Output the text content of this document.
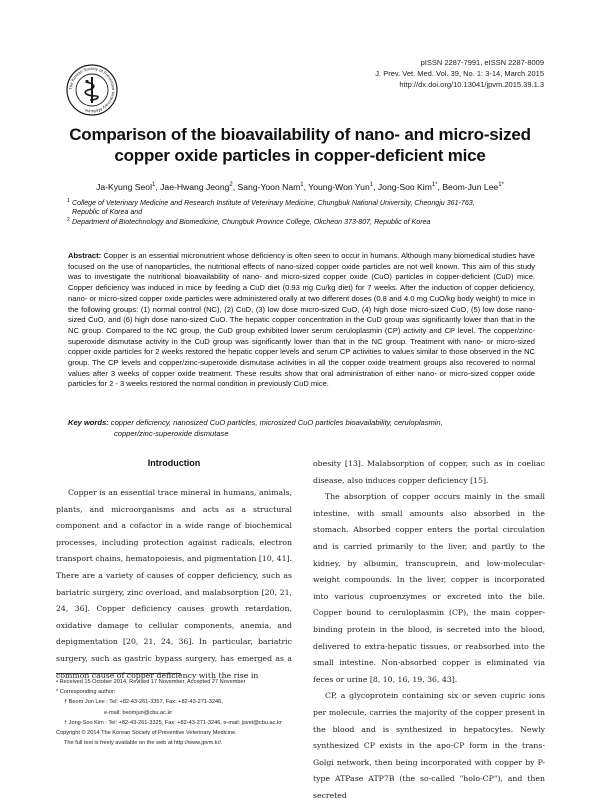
The Korean Society of Preventive Veterinary Medicine
pISSN 2287-7991, eISSN 2287-8009
J. Prev. Vet. Med. Vol. 39, No. 1: 3-14, March 2015
http://dx.doi.org/10.13041/jpvm.2015.39.1.3
Comparison of the bioavailability of nano- and micro-sized
copper oxide particles in copper-deficient mice
Ja-Kyung Seol$^1$, Jae-Hwang Jeong$^2$, Sang-Yoon Nam$^1$, Young-Won Yun$^1$, Jong-Soo Kim$^{1*}$, Beom-Jun Lee$^{1*}$
1 College of Veterinary Medicine and Research Institute of Veterinary Medicine, Chungbuk National University, Cheongju 361-763,
Republic of Korea and
2 Department of Biotechnology and Biomedicine, Chungbuk Province College, Okcheon 373-807, Republic of Korea
Abstract: Copper is an essential micronutrient whose deficiency is often seen to occur in humans. Although many biomedical studies have focused on the use of nanoparticles, the nutritional effects of nano-sized copper oxide particles are not well known. This aim of this study was to investigate the nutritional bioavailability of nano- and micro-sized copper oxide (CuO) particles in copper-deficient (CuD) mice. Copper deficiency was induced in mice by feeding a CuD diet (0.93 mg Cu/kg diet) for 7 weeks. After the induction of copper deficiency, nano- or micro-sized copper oxide particles were administered orally at two different doses (0.8 and 4.0 mg CuO/kg body weight) to mice in the following groups: (1) normal control (NC), (2) CuD, (3) low dose micro-sized CuO, (4) high dose micro-sized CuO, (5) low dose nano-sized CuO, and (6) high dose nano-sized CuO. The hepatic copper concentration in the CuD group was significantly lower than that in the NC group. Compared to the NC group, the CuD group exhibited lower serum ceruloplasmin (CP) activity and CP level. The copper/zinc-superoxide dismutase activity in the CuD group was significantly lower than that in the NC group. Treatment with nano- or micro-sized copper oxide particles for 2 weeks restored the hepatic copper levels and serum CP activities to values similar to those observed in the NC group. The CP levels and copper/zinc-superoxide dismutase activities in all the copper oxide treatment groups also recovered to normal values after 3 weeks of copper oxide treatment. These results show that oral administration of either nano- or micro-sized copper oxide particles for 2 - 3 weeks restored the normal condition in previously CuD mice.
Key words: copper deficiency, nanosized CuO particles, microsized CuO particles bioavailability, ceruloplasmin,
copper/zinc-superoxide dismutase
Introduction

Copper is an essential trace mineral in humans, animals, plants, and microorganisms and acts as a structural component and a cofactor in a wide range of biochemical processes, including protection against radicals, electron transport chains, hematopoiesis, and pigmentation [10, 41]. There are a variety of causes of copper deficiency, such as bariatric surgery, zinc overload, and malabsorption [20, 21, 24, 36]. Copper deficiency causes growth retardation, oxidative damage to cellular components, anemia, and depigmentation [20, 21, 24, 36]. In particular, bariatric surgery, such as gastric bypass surgery, has emerged as a common cause of copper deficiency with the rise in

obesity [13]. Malabsorption of copper, such as in coeliac disease, also induces copper deficiency [15].

The absorption of copper occurs mainly in the small intestine, with small amounts also absorbed in the stomach. Absorbed copper enters the portal circulation and is carried primarily to the liver, and partly to the kidney, by albumin, transcuprein, and low-molecular-weight compounds. In the liver, copper is incorporated into various cuproenzymes or excreted into the bile. Copper bound to ceruloplasmin (CP), the main copper-binding protein in the blood, is secreted into the blood, delivered to extra-hepatic tissues, or reabsorbed into the small intestine. Non-absorbed copper is eliminated via feces or urine [8, 10, 16, 19, 36, 43].

CP, a glycoprotein containing six or seven cupric ions per molecule, carries the majority of the copper present in the blood and is synthesized in hepatocytes. Newly synthesized CP exists in the apo-CP form in the trans-Golgi network, then being incorporated with copper by P-type ATPase ATP7B (the so-called "holo-CP"), and then secreted

• Received 15 October 2014, Revised 17 November, Accepted 27 November
* Corresponding author:
† Beom Jun Lee : Tel: +82-43-261-3357, Fax: +82-43-271-3246,
e-mail: beomjun@cbu.ac.kr
† Jong-Soo Kim : Tel: +82-43-261-3325, Fax: +82-43-271-3246, e-mail: jsvet@cbu.ac.kr
Copyright © 2014 The Korean Society of Preventive Veterinary Medicine.
The full text is freely available on the web at http://www.jpvm.kr/.
